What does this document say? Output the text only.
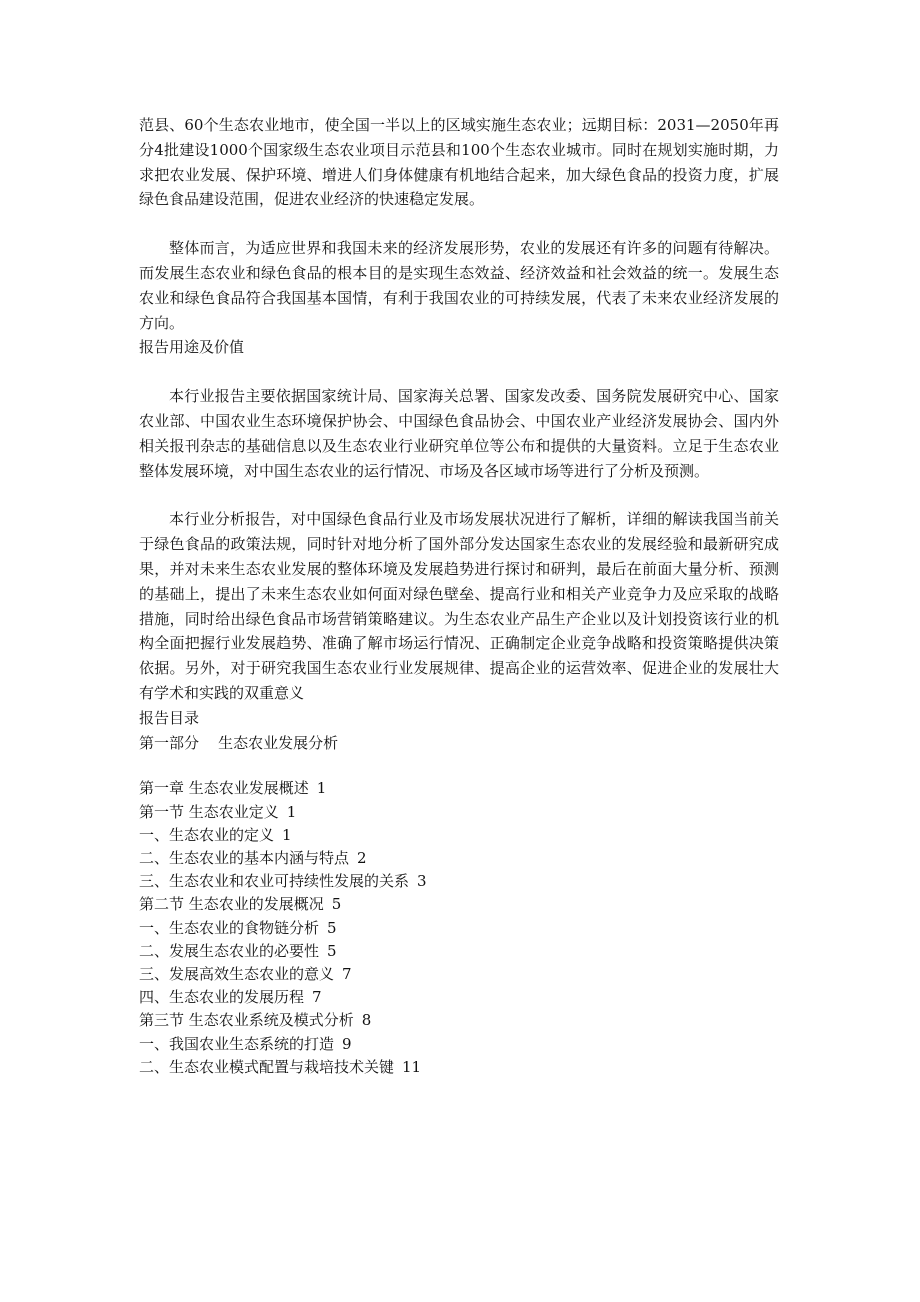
范县、60个生态农业地市，使全国一半以上的区域实施生态农业；远期目标：2031—2050年再分4批建设1000个国家级生态农业项目示范县和100个生态农业城市。同时在规划实施时期，力求把农业发展、保护环境、增进人们身体健康有机地结合起来，加大绿色食品的投资力度，扩展绿色食品建设范围，促进农业经济的快速稳定发展。

整体而言，为适应世界和我国未来的经济发展形势，农业的发展还有许多的问题有待解决。而发展生态农业和绿色食品的根本目的是实现生态效益、经济效益和社会效益的统一。发展生态农业和绿色食品符合我国基本国情，有利于我国农业的可持续发展，代表了未来农业经济发展的方向。

报告用途及价值

本行业报告主要依据国家统计局、国家海关总署、国家发改委、国务院发展研究中心、国家农业部、中国农业生态环境保护协会、中国绿色食品协会、中国农业产业经济发展协会、国内外相关报刊杂志的基础信息以及生态农业行业研究单位等公布和提供的大量资料。立足于生态农业整体发展环境，对中国生态农业的运行情况、市场及各区域市场等进行了分析及预测。

本行业分析报告，对中国绿色食品行业及市场发展状况进行了解析，详细的解读我国当前关于绿色食品的政策法规，同时针对地分析了国外部分发达国家生态农业的发展经验和最新研究成果，并对未来生态农业发展的整体环境及发展趋势进行探讨和研判，最后在前面大量分析、预测的基础上，提出了未来生态农业如何面对绿色壁垒、提高行业和相关产业竞争力及应采取的战略措施，同时给出绿色食品市场营销策略建议。为生态农业产品生产企业以及计划投资该行业的机构全面把握行业发展趋势、准确了解市场运行情况、正确制定企业竞争战略和投资策略提供决策依据。另外，对于研究我国生态农业行业发展规律、提高企业的运营效率、促进企业的发展壮大有学术和实践的双重意义

报告目录

第一部分    生态农业发展分析

第一章 生态农业发展概述 1
第一节 生态农业定义 1
一、生态农业的定义 1
二、生态农业的基本内涵与特点 2
三、生态农业和农业可持续性发展的关系 3
第二节 生态农业的发展概况 5
一、生态农业的食物链分析 5
二、发展生态农业的必要性 5
三、发展高效生态农业的意义 7
四、生态农业的发展历程 7
第三节 生态农业系统及模式分析 8
一、我国农业生态系统的打造 9
二、生态农业模式配置与栽培技术关键 11
